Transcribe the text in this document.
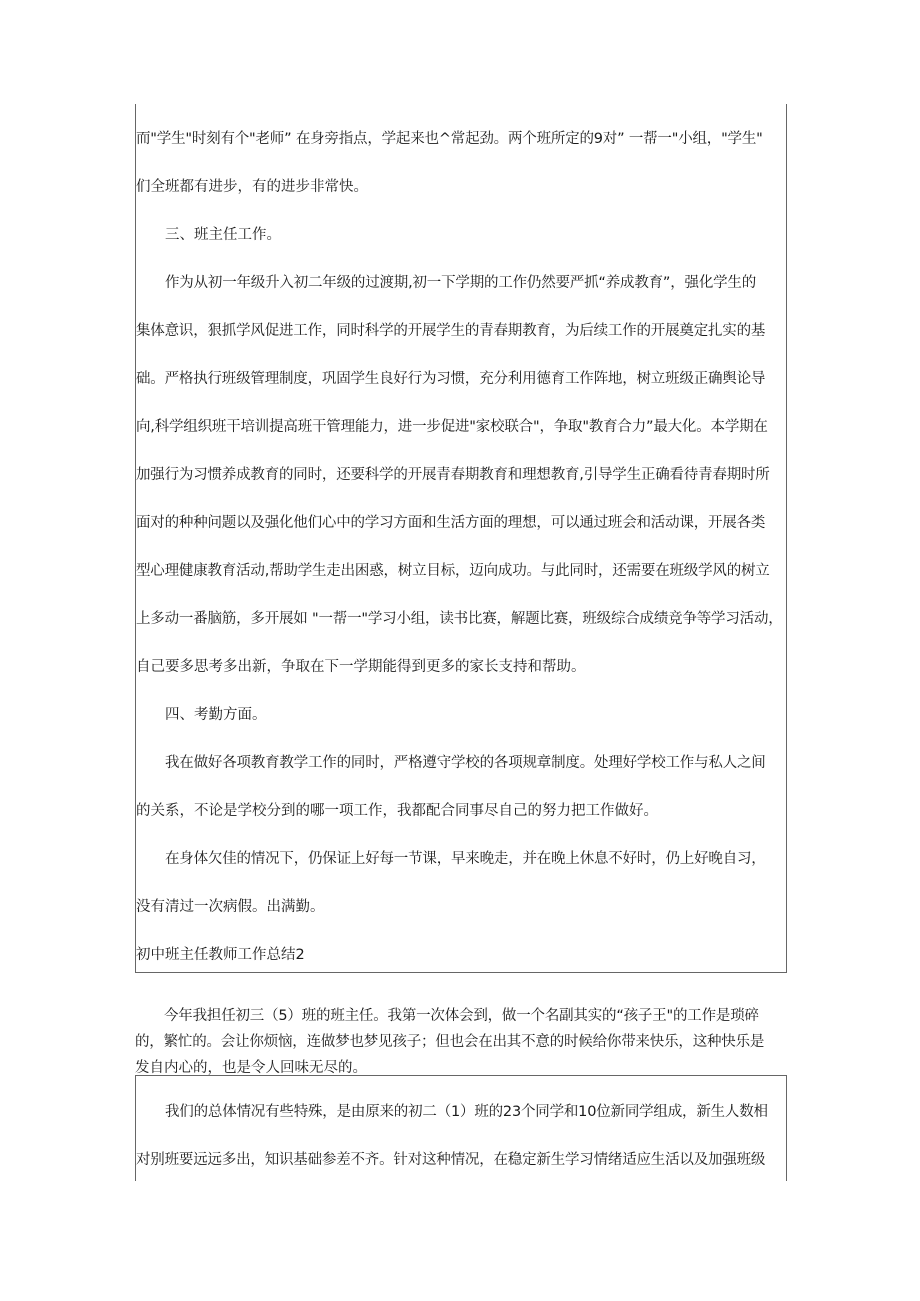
而"学生"时刻有个"老师” 在身旁指点，学起来也^常起劲。两个班所定的9对” 一帮一"小组，"学生"
们全班都有进步，有的进步非常快。
三、班主任工作。
作为从初一年级升入初二年级的过渡期,初一下学期的工作仍然要严抓“养成教育”，强化学生的
集体意识，狠抓学风促进工作，同时科学的开展学生的青春期教育，为后续工作的开展奠定扎实的基
础。严格执行班级管理制度，巩固学生良好行为习惯，充分利用德育工作阵地，树立班级正确舆论导
向,科学组织班干培训提高班干管理能力，进一步促进"家校联合"，争取"教育合力”最大化。本学期在
加强行为习惯养成教育的同时，还要科学的开展青春期教育和理想教育,引导学生正确看待青春期时所
面对的种种问题以及强化他们心中的学习方面和生活方面的理想，可以通过班会和活动课，开展各类
型心理健康教育活动,帮助学生走出困惑，树立目标，迈向成功。与此同时，还需要在班级学风的树立
上多动一番脑筋，多开展如 "一帮一"学习小组，读书比赛，解题比赛，班级综合成绩竞争等学习活动，
自己要多思考多出新，争取在下一学期能得到更多的家长支持和帮助。
四、考勤方面。
我在做好各项教育教学工作的同时，严格遵守学校的各项规章制度。处理好学校工作与私人之间
的关系，不论是学校分到的哪一项工作，我都配合同事尽自己的努力把工作做好。
在身体欠佳的情况下，仍保证上好每一节课，早来晚走，并在晚上休息不好时，仍上好晚自习，
没有清过一次病假。出满勤。
初中班主任教师工作总结2
今年我担任初三（5）班的班主任。我第一次体会到，做一个名副其实的“孩子王"的工作是琐碎
的，繁忙的。会让你烦恼，连做梦也梦见孩子；但也会在出其不意的时候给你带来快乐，这种快乐是
发自内心的，也是令人回味无尽的。
我们的总体情况有些特殊，是由原来的初二（1）班的23个同学和10位新同学组成，新生人数相
对别班要远远多出，知识基础参差不齐。针对这种情况，在稳定新生学习情绪适应生活以及加强班级
